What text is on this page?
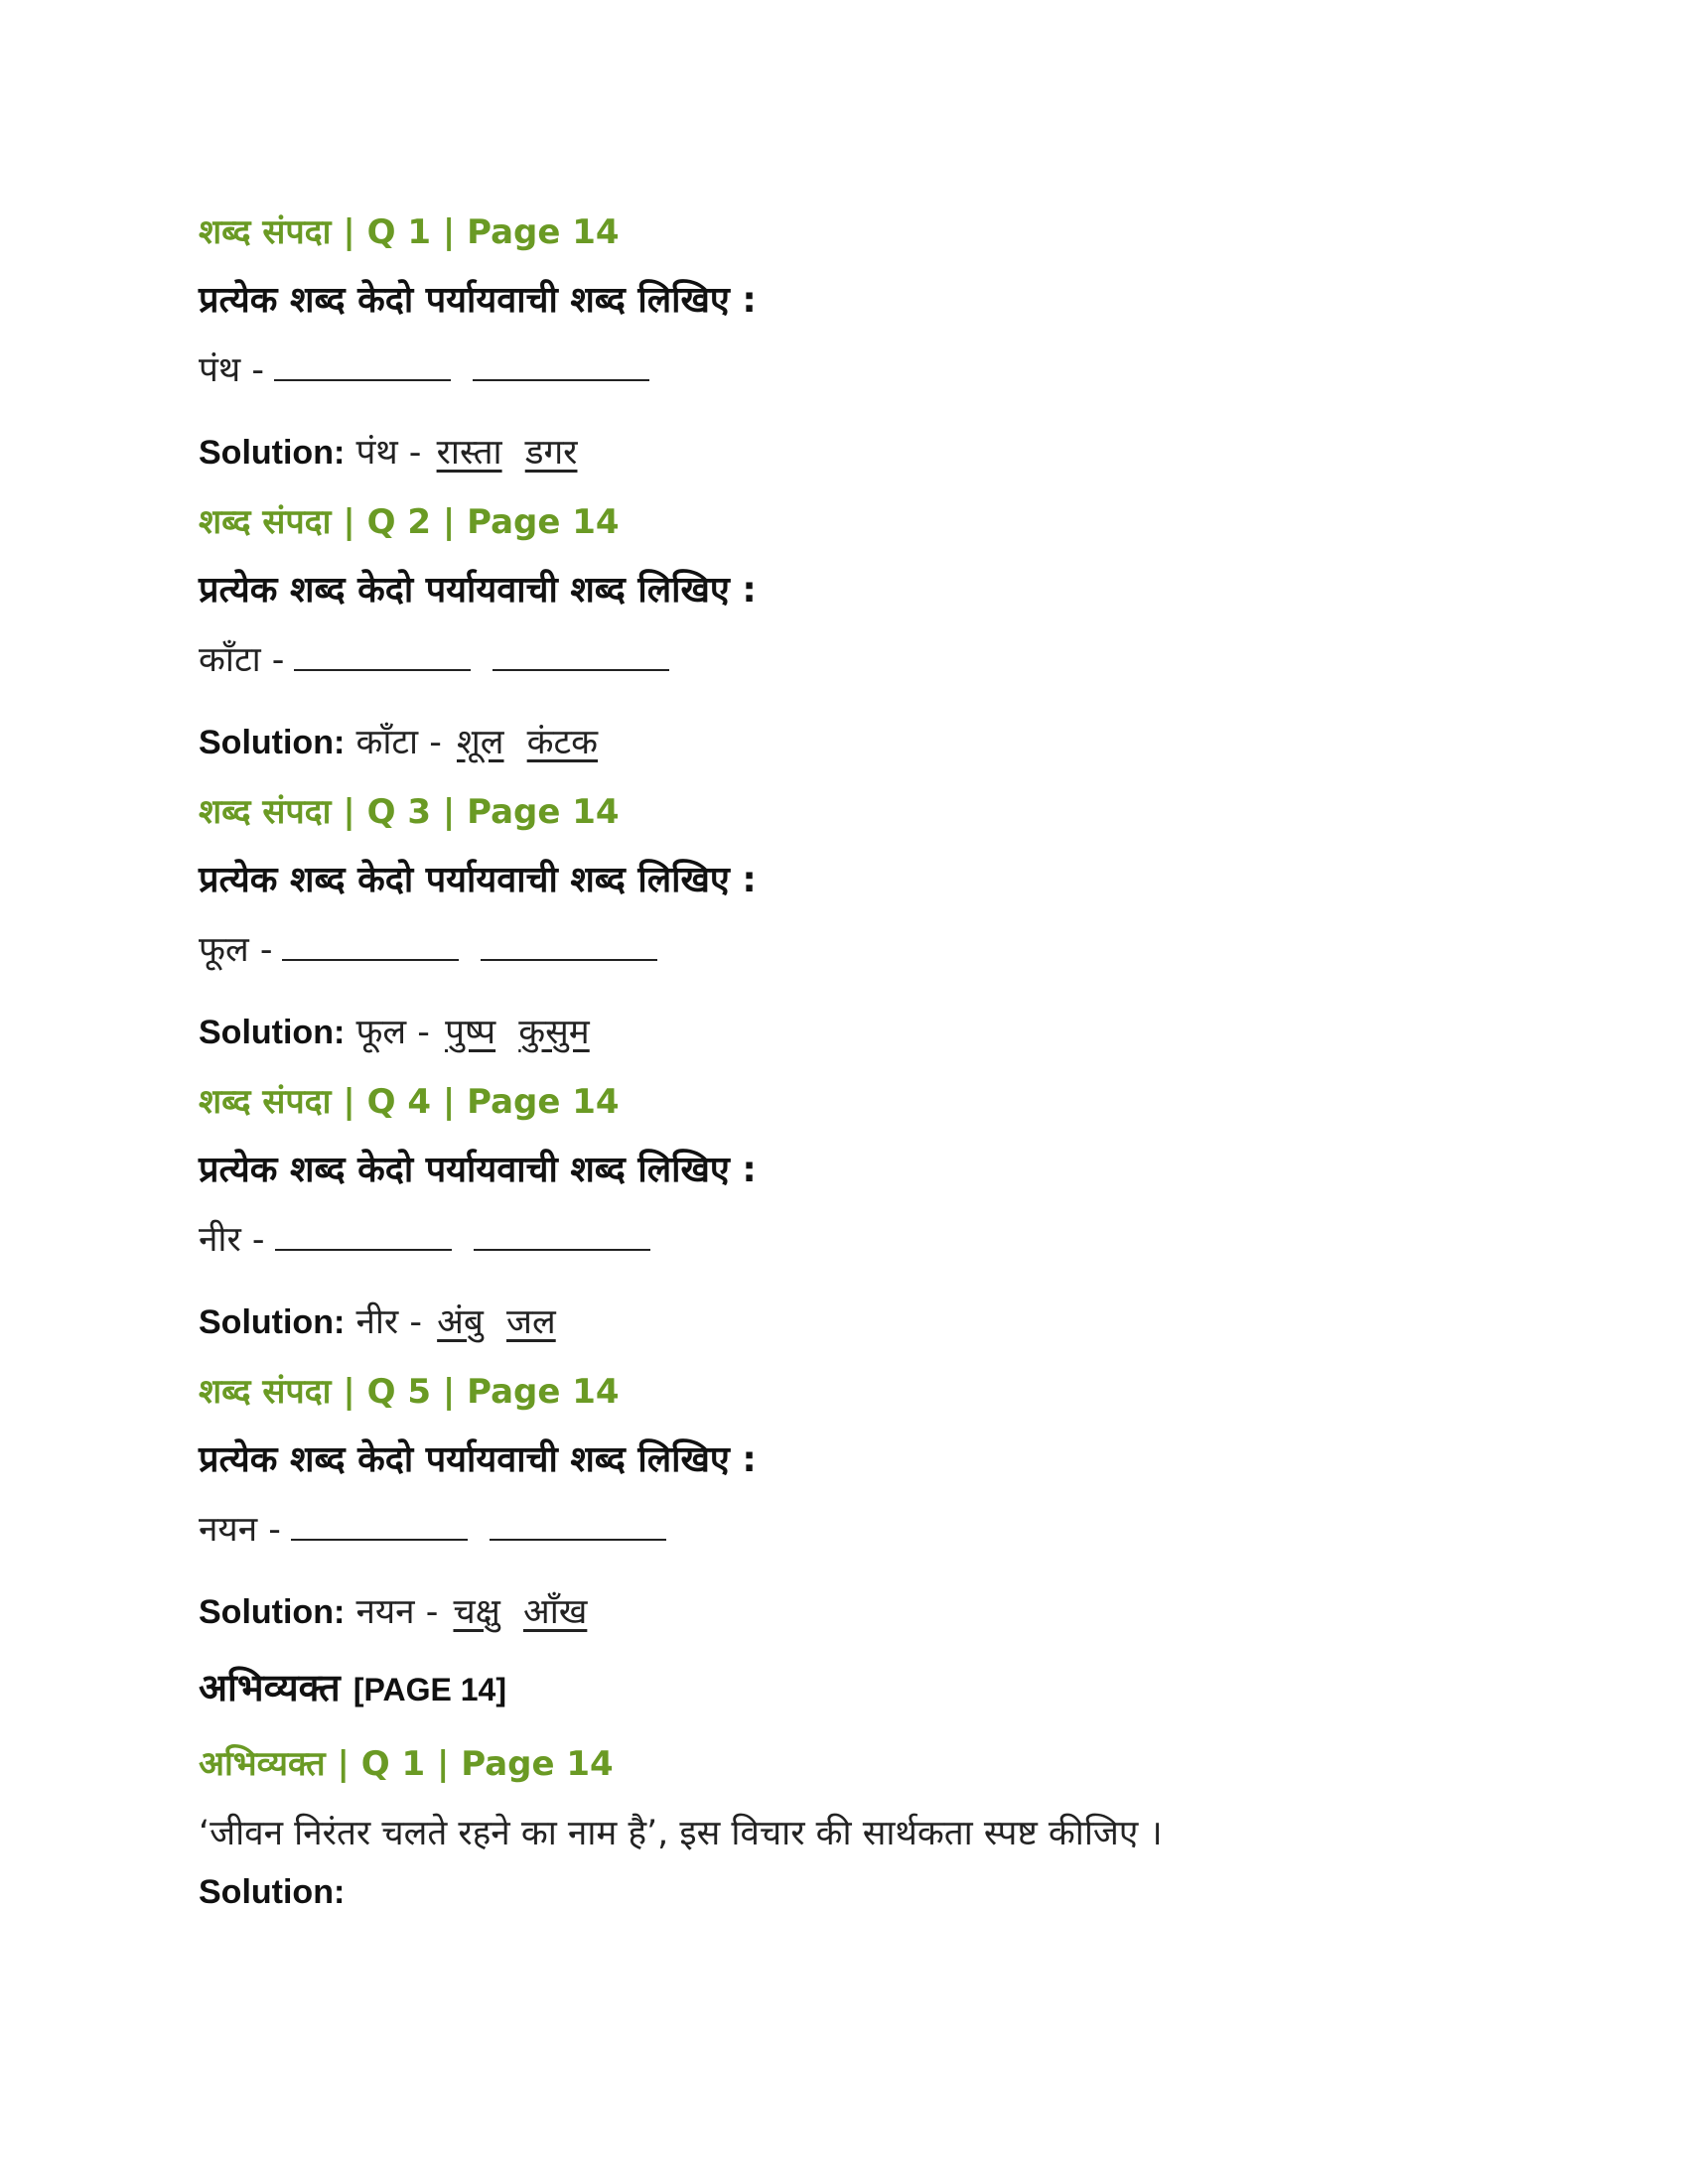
शब्द संपदा | Q 1 | Page 14
प्रत्येक शब्द केदो पर्यायवाची शब्द लिखिए :
पंथ -
Solution: पंथ - रास्ता डगर
शब्द संपदा | Q 2 | Page 14
प्रत्येक शब्द केदो पर्यायवाची शब्द लिखिए :
काँटा -
Solution: काँटा - शूल कंटक
शब्द संपदा | Q 3 | Page 14
प्रत्येक शब्द केदो पर्यायवाची शब्द लिखिए :
फूल -
Solution: फूल - पुष्प कुसुम
शब्द संपदा | Q 4 | Page 14
प्रत्येक शब्द केदो पर्यायवाची शब्द लिखिए :
नीर -
Solution: नीर - अंबु जल
शब्द संपदा | Q 5 | Page 14
प्रत्येक शब्द केदो पर्यायवाची शब्द लिखिए :
नयन -
Solution: नयन - चक्षु आँख
अभिव्यक्त [PAGE 14]
अभिव्यक्त | Q 1 | Page 14
‘जीवन निरंतर चलते रहने का नाम है’, इस विचार की सार्थकता स्पष्ट कीजिए ।
Solution:
